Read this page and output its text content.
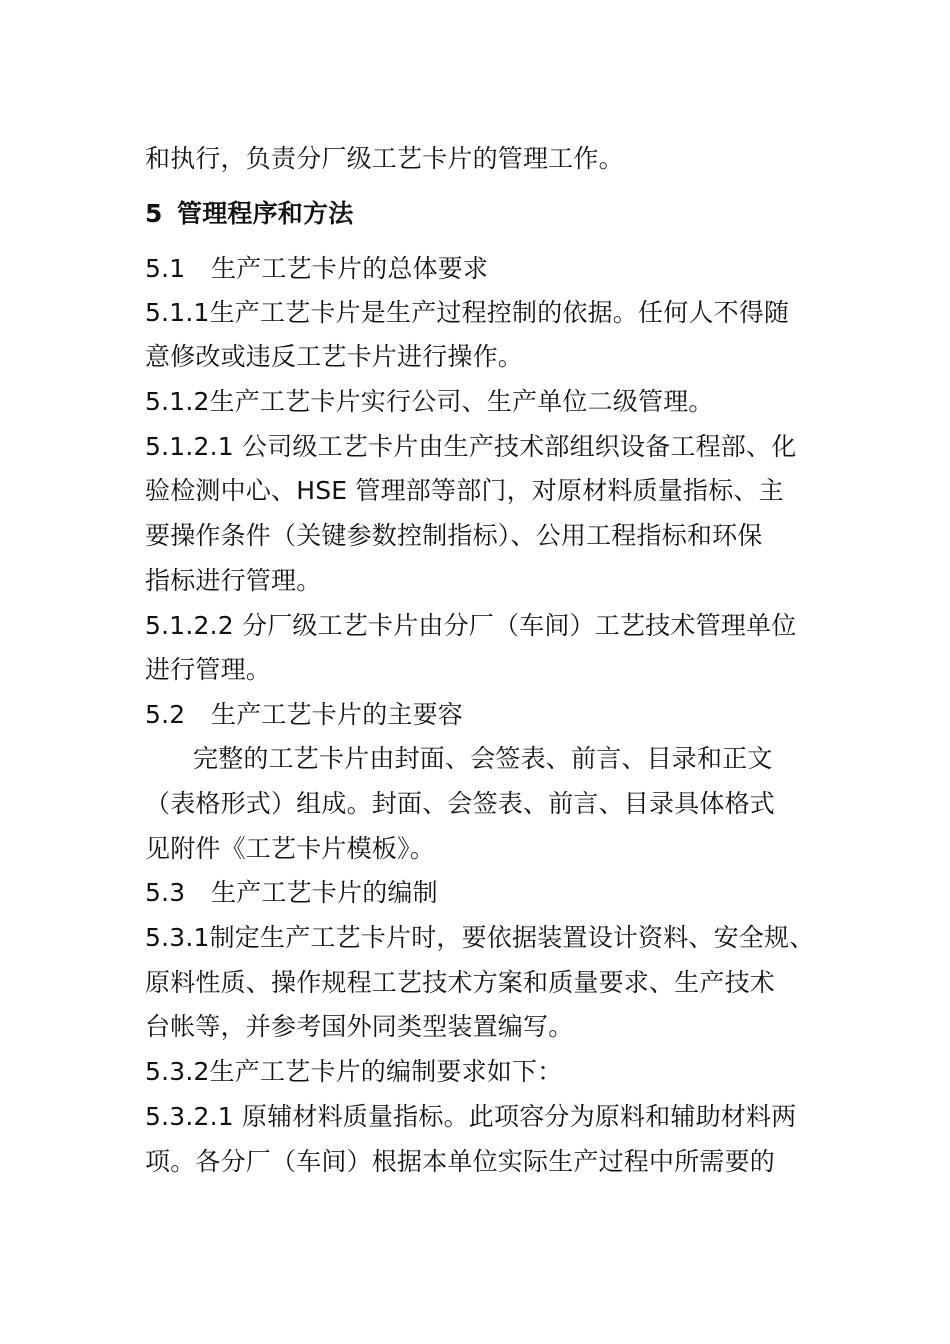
和执行，负责分厂级工艺卡片的管理工作。
5 管理程序和方法
5.1 生产工艺卡片的总体要求
5.1.1生产工艺卡片是生产过程控制的依据。任何人不得随
意修改或违反工艺卡片进行操作。
5.1.2生产工艺卡片实行公司、生产单位二级管理。
5.1.2.1 公司级工艺卡片由生产技术部组织设备工程部、化
验检测中心、HSE 管理部等部门，对原材料质量指标、主
要操作条件（关键参数控制指标）、公用工程指标和环保
指标进行管理。
5.1.2.2 分厂级工艺卡片由分厂（车间）工艺技术管理单位
进行管理。
5.2 生产工艺卡片的主要容
完整的工艺卡片由封面、会签表、前言、目录和正文
（表格形式）组成。封面、会签表、前言、目录具体格式
见附件《工艺卡片模板》。
5.3 生产工艺卡片的编制
5.3.1制定生产工艺卡片时，要依据装置设计资料、安全规、
原料性质、操作规程工艺技术方案和质量要求、生产技术
台帐等，并参考国外同类型装置编写。
5.3.2生产工艺卡片的编制要求如下：
5.3.2.1 原辅材料质量指标。此项容分为原料和辅助材料两
项。各分厂（车间）根据本单位实际生产过程中所需要的
